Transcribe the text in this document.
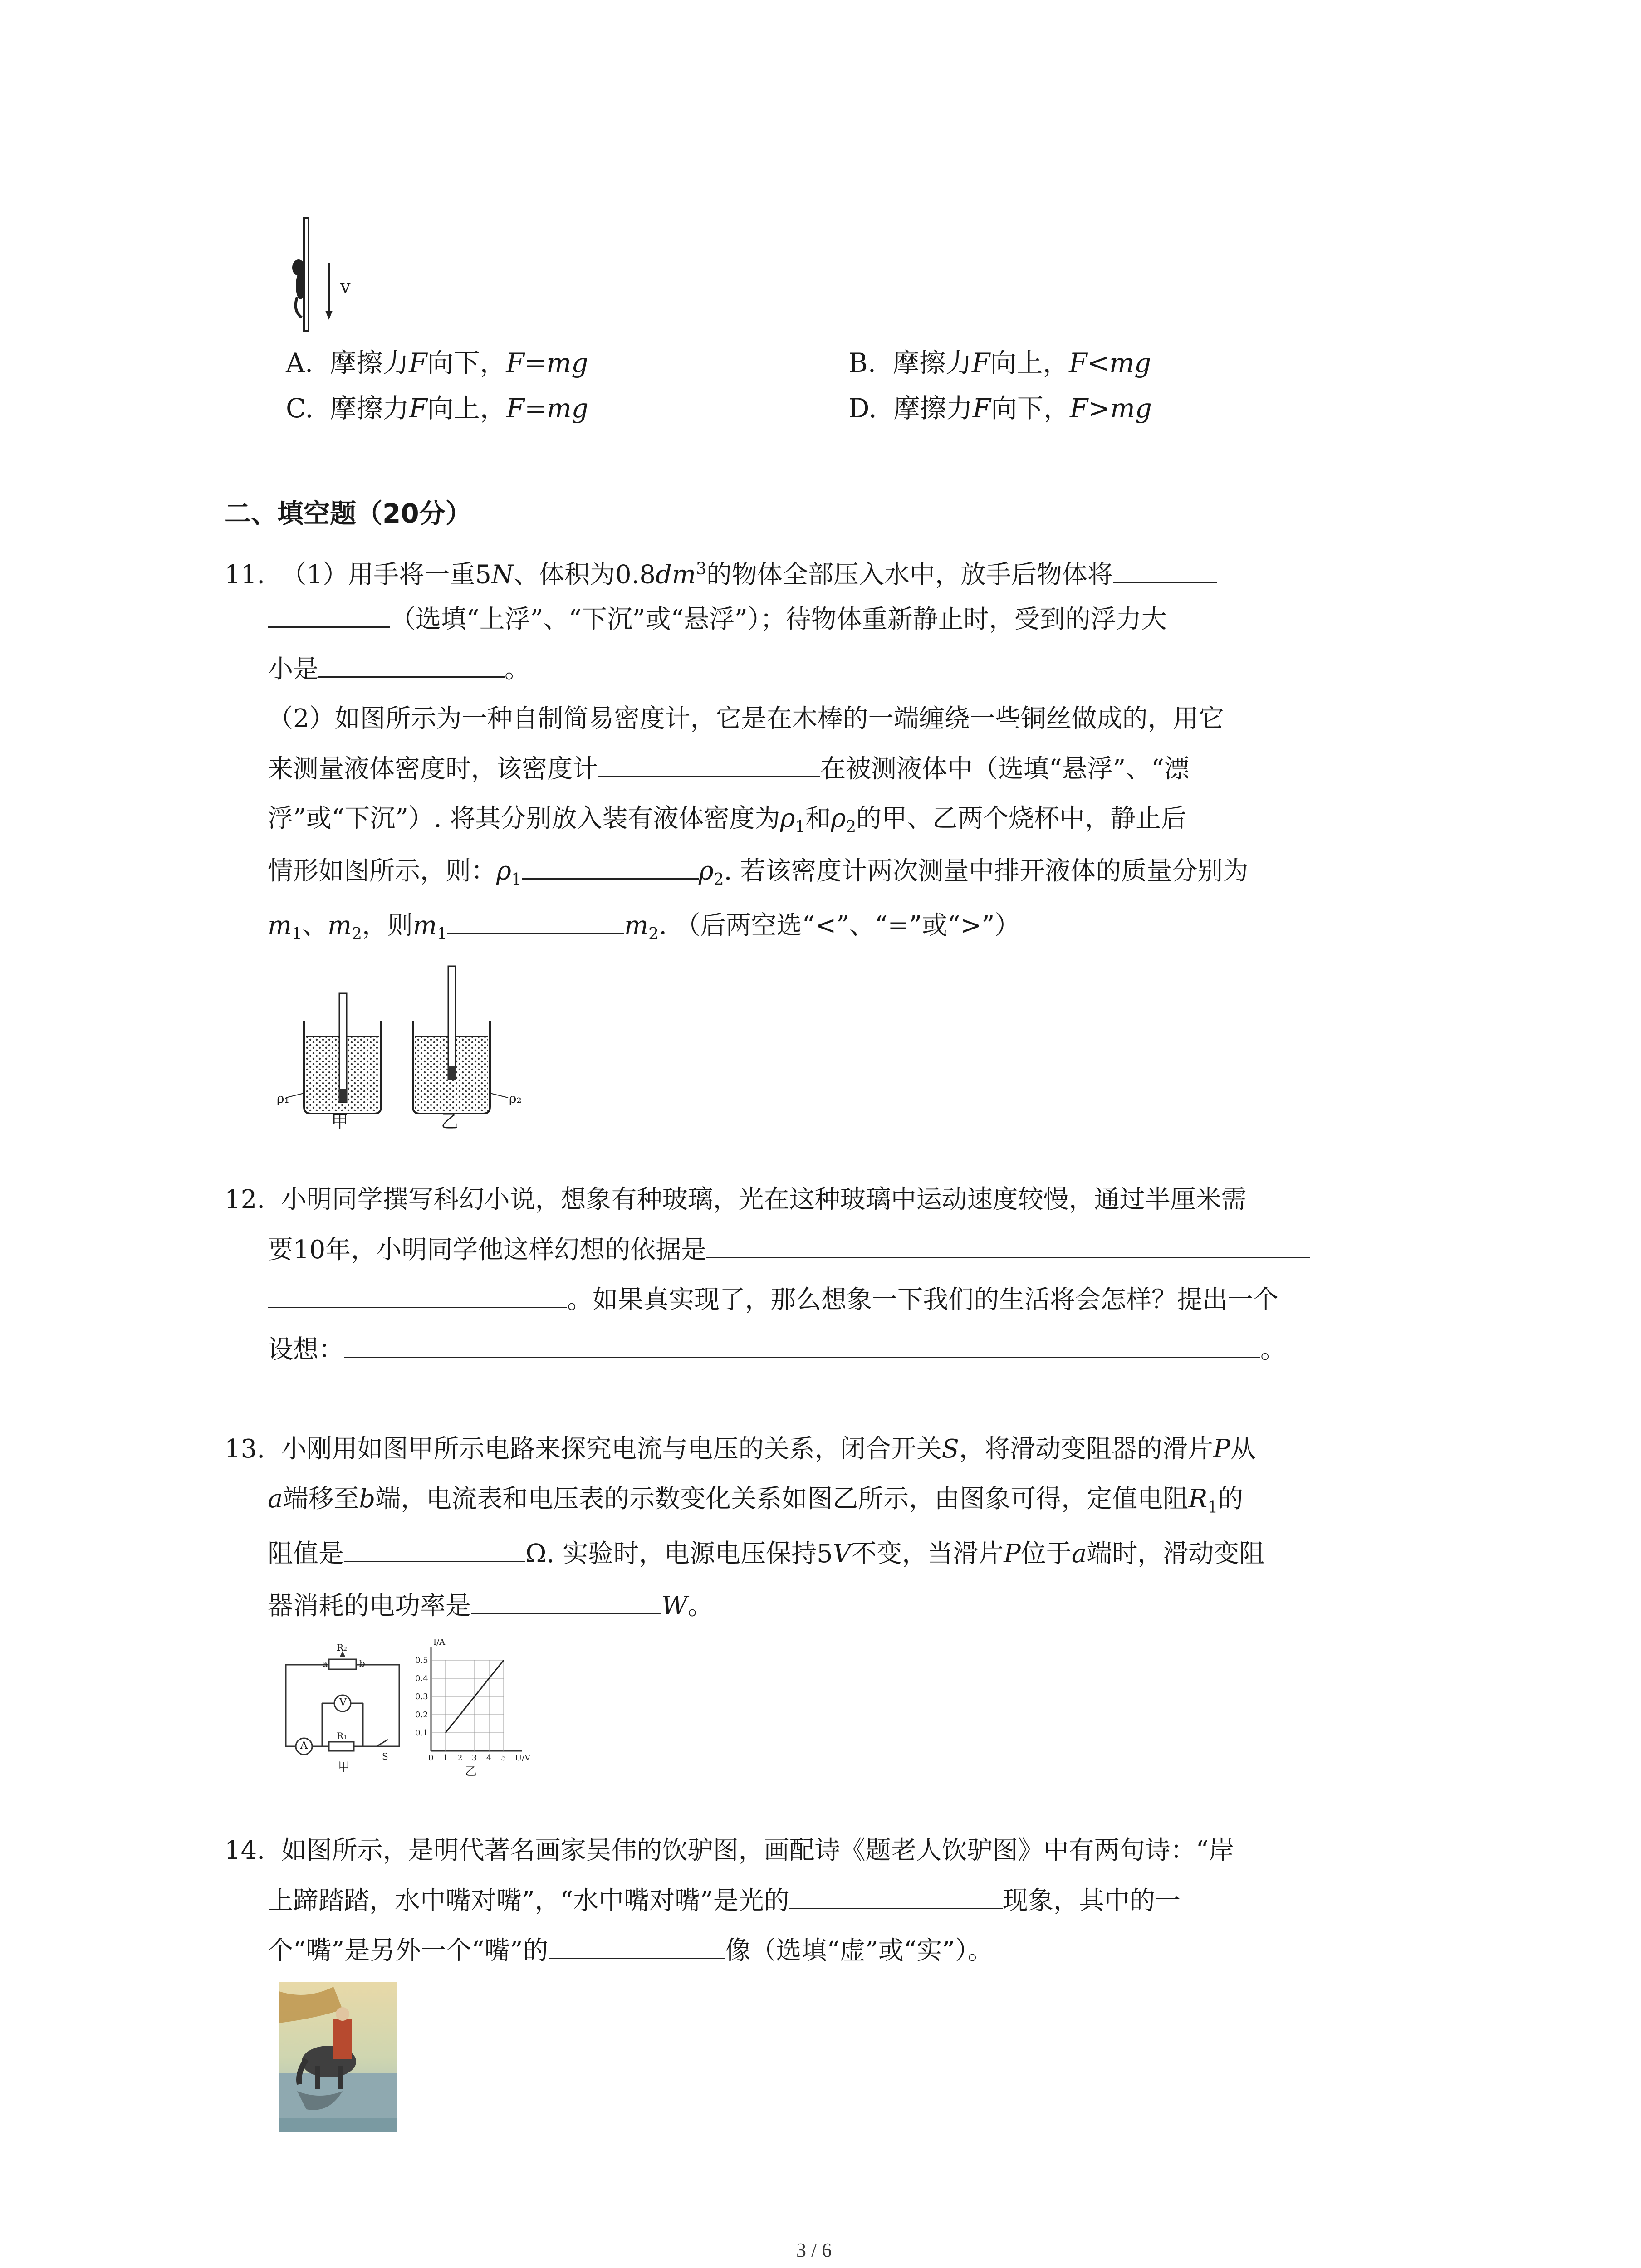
v
A. 摩擦力F向下，F=mg	B. 摩擦力F向上，F<mg
C. 摩擦力F向上，F=mg	D. 摩擦力F向下，F>mg
二、填空题（20分）
11. （1）用手将一重5N、体积为$0.8dm^3$的物体全部压入水中，放手后物体将
（选填“上浮”、“下沉”或“悬浮”）；待物体重新静止时，受到的浮力大
小是	。
（2）如图所示为一种自制简易密度计，它是在木棒的一端缠绕一些铜丝做成的，用它
来测量液体密度时，该密度计	在被测液体中（选填“悬浮”、“漂
浮”或“下沉”）. 将其分别放入装有液体密度为$\rho_1$和$\rho_2$的甲、乙两个烧杯中，静止后
情形如图所示，则：$\rho_1$	$\rho_2$. 若该密度计两次测量中排开液体的质量分别为
$m_1$、$m_2$，则$m_1$	$m_2$. （后两空选“<”、“=”或“>”）
ρ₁	ρ₂
甲	乙
12. 小明同学撰写科幻小说，想象有种玻璃，光在这种玻璃中运动速度较慢，通过半厘米需
要10年，小明同学他这样幻想的依据是
。如果真实现了，那么想象一下我们的生活将会怎样？提出一个
设想：	。
13. 小刚用如图甲所示电路来探究电流与电压的关系，闭合开关S，将滑动变阻器的滑片P从
a端移至b端，电流表和电压表的示数变化关系如图乙所示，由图象可得，定值电阻$R_1$的
阻值是	Ω. 实验时，电源电压保持5V不变，当滑片P位于a端时，滑动变阻
器消耗的电功率是	W。
R₂
a	b
V
A
R₁
S
甲
I/A
U/V
0.5
0.4
0.3
0.2
0.1
0 1 2 3 4 5
乙
14. 如图所示，是明代著名画家吴伟的饮驴图，画配诗《题老人饮驴图》中有两句诗：“岸
上蹄踏踏，水中嘴对嘴”，“水中嘴对嘴”是光的	现象，其中的一
个“嘴”是另外一个“嘴”的	像（选填“虚”或“实”）。
3 / 6
